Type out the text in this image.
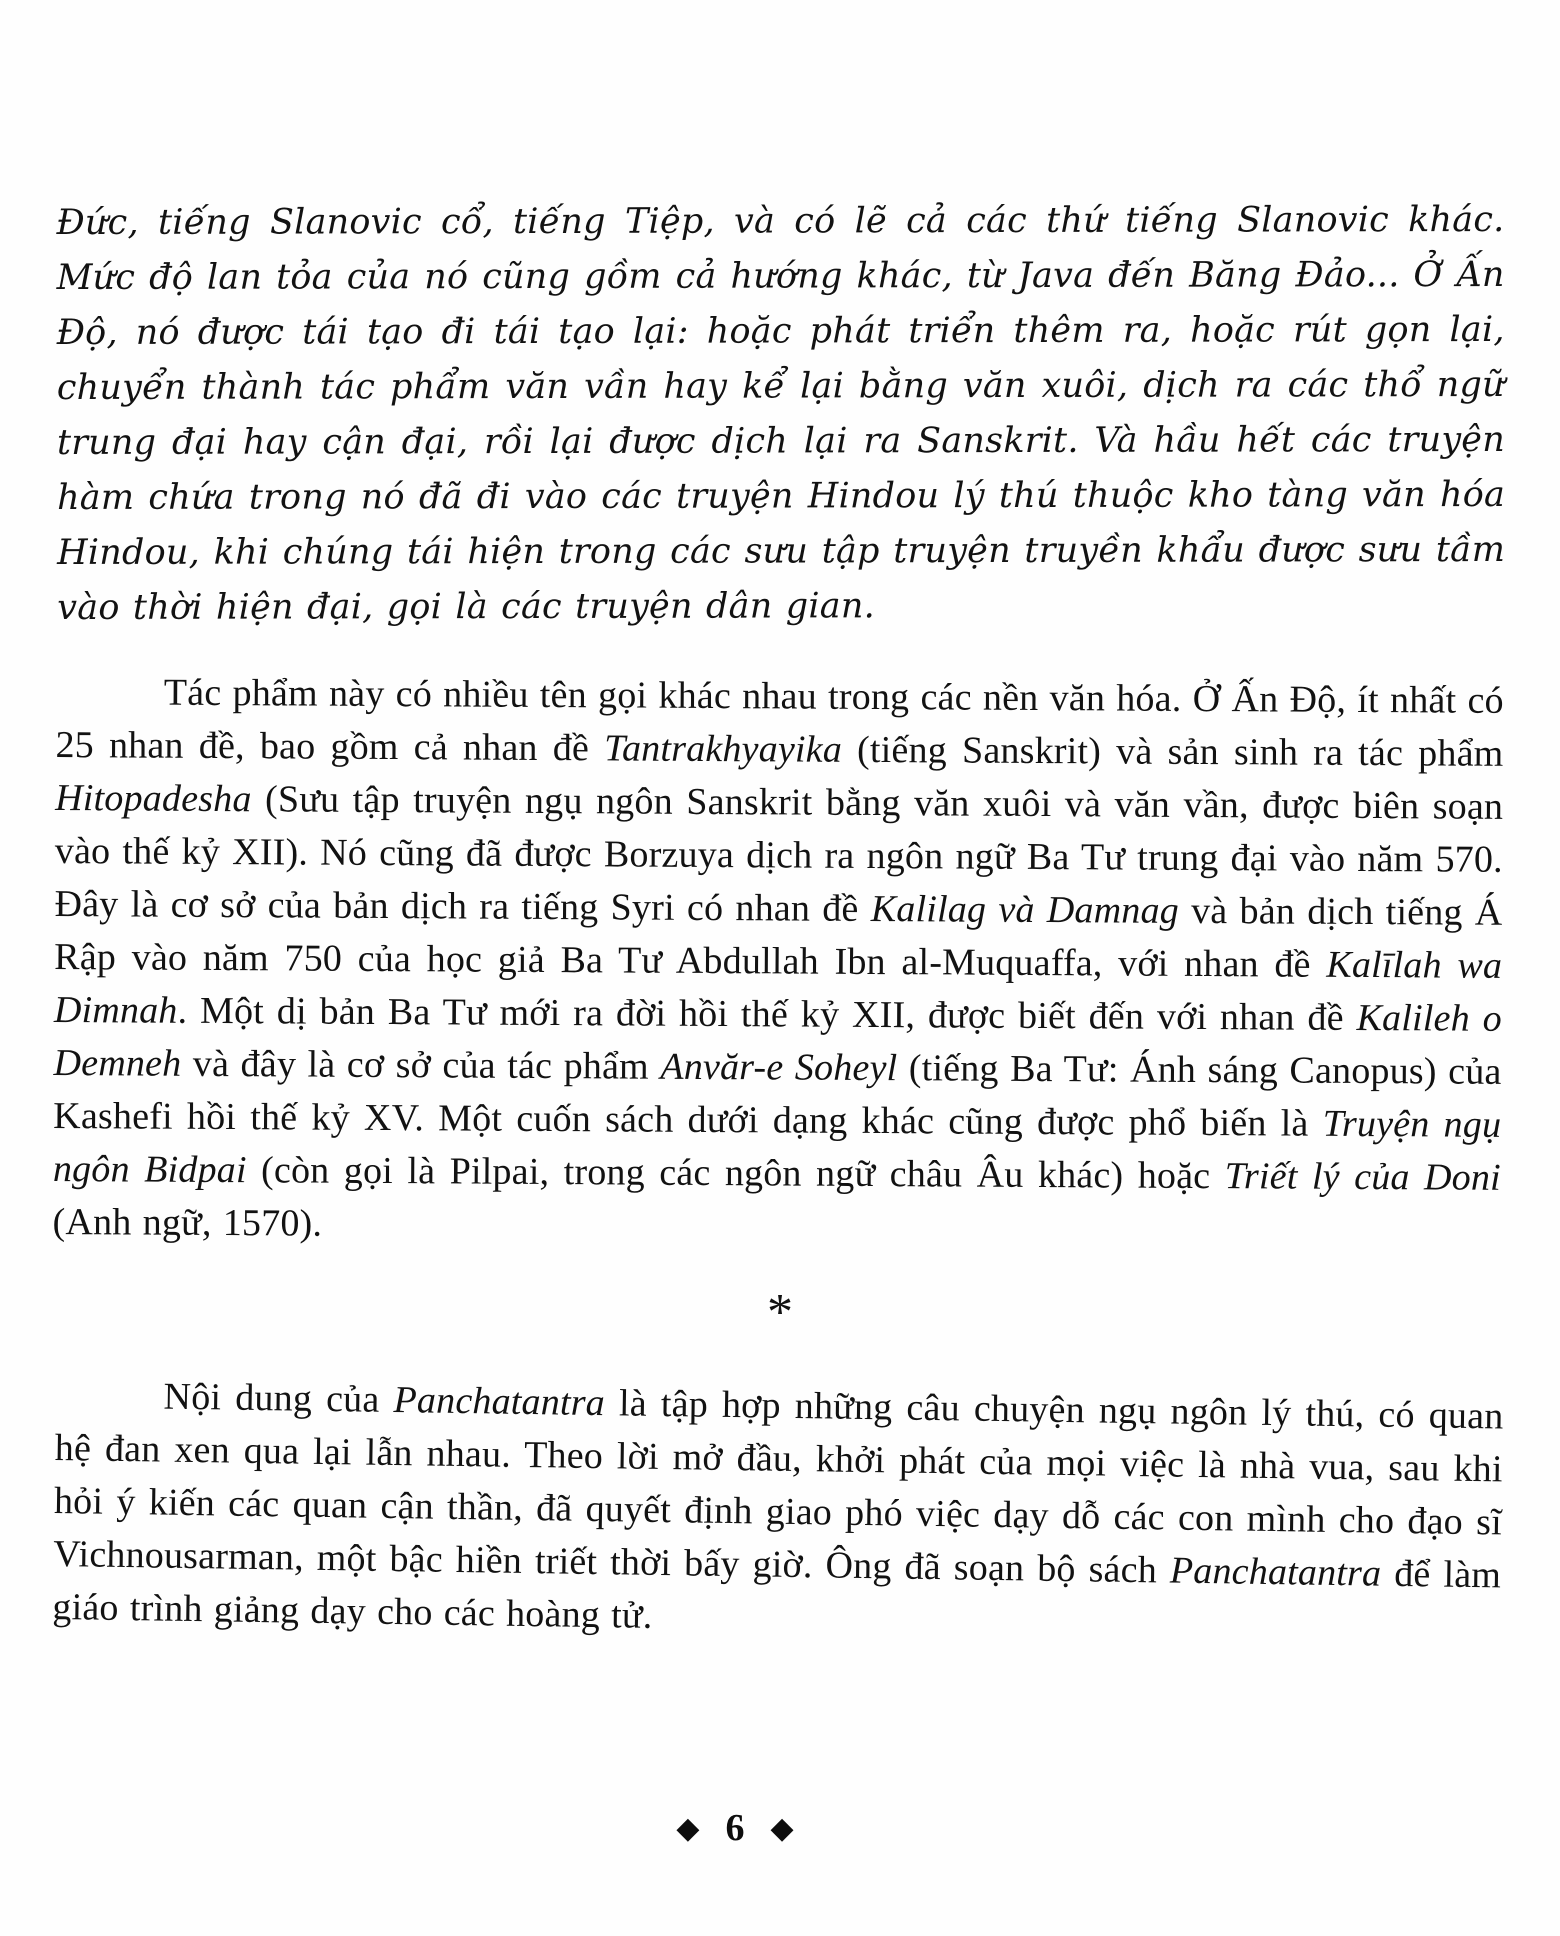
Đức, tiếng Slanovic cổ, tiếng Tiệp, và có lẽ cả các thứ tiếng Slanovic khác. Mức độ lan tỏa của nó cũng gồm cả hướng khác, từ Java đến Băng Đảo... Ở Ấn Độ, nó được tái tạo đi tái tạo lại: hoặc phát triển thêm ra, hoặc rút gọn lại, chuyển thành tác phẩm văn vần hay kể lại bằng văn xuôi, dịch ra các thổ ngữ trung đại hay cận đại, rồi lại được dịch lại ra Sanskrit. Và hầu hết các truyện hàm chứa trong nó đã đi vào các truyện Hindou lý thú thuộc kho tàng văn hóa Hindou, khi chúng tái hiện trong các sưu tập truyện truyền khẩu được sưu tầm vào thời hiện đại, gọi là các truyện dân gian.

Tác phẩm này có nhiều tên gọi khác nhau trong các nền văn hóa. Ở Ấn Độ, ít nhất có 25 nhan đề, bao gồm cả nhan đề Tantrakhyayika (tiếng Sanskrit) và sản sinh ra tác phẩm Hitopadesha (Sưu tập truyện ngụ ngôn Sanskrit bằng văn xuôi và văn vần, được biên soạn vào thế kỷ XII). Nó cũng đã được Borzuya dịch ra ngôn ngữ Ba Tư trung đại vào năm 570. Đây là cơ sở của bản dịch ra tiếng Syri có nhan đề Kalilag và Damnag và bản dịch tiếng Á Rập vào năm 750 của học giả Ba Tư Abdullah Ibn al-Muquaffa, với nhan đề Kalīlah wa Dimnah. Một dị bản Ba Tư mới ra đời hồi thế kỷ XII, được biết đến với nhan đề Kalileh o Demneh và đây là cơ sở của tác phẩm Anvăr-e Soheyl (tiếng Ba Tư: Ánh sáng Canopus) của Kashefi hồi thế kỷ XV. Một cuốn sách dưới dạng khác cũng được phổ biến là Truyện ngụ ngôn Bidpai (còn gọi là Pilpai, trong các ngôn ngữ châu Âu khác) hoặc Triết lý của Doni (Anh ngữ, 1570).

*

Nội dung của Panchatantra là tập hợp những câu chuyện ngụ ngôn lý thú, có quan hệ đan xen qua lại lẫn nhau. Theo lời mở đầu, khởi phát của mọi việc là nhà vua, sau khi hỏi ý kiến các quan cận thần, đã quyết định giao phó việc dạy dỗ các con mình cho đạo sĩ Vichnousarman, một bậc hiền triết thời bấy giờ. Ông đã soạn bộ sách Panchatantra để làm giáo trình giảng dạy cho các hoàng tử.

◆ 6 ◆
